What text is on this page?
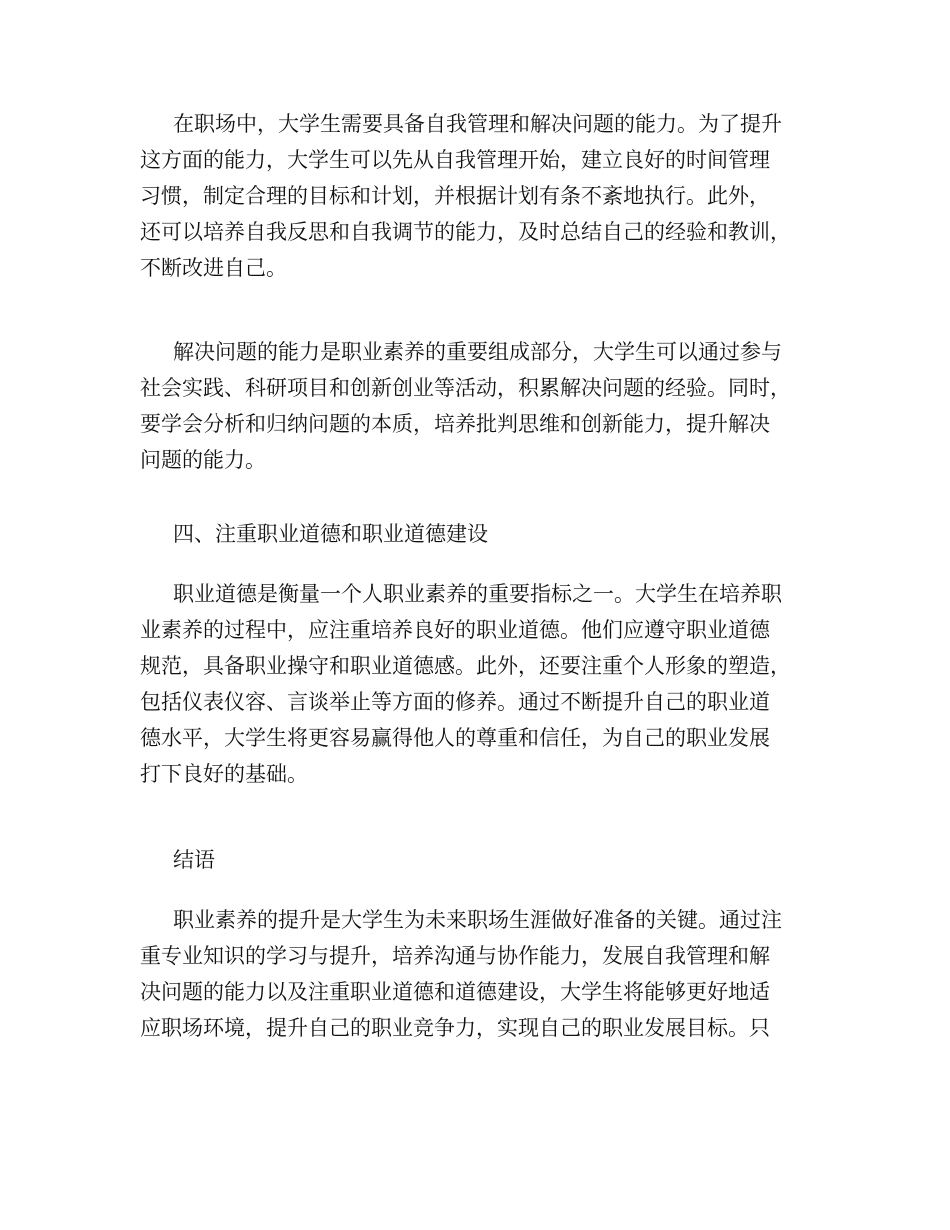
在职场中，大学生需要具备自我管理和解决问题的能力。为了提升
这方面的能力，大学生可以先从自我管理开始，建立良好的时间管理
习惯，制定合理的目标和计划，并根据计划有条不紊地执行。此外，
还可以培养自我反思和自我调节的能力，及时总结自己的经验和教训，
不断改进自己。
解决问题的能力是职业素养的重要组成部分，大学生可以通过参与
社会实践、科研项目和创新创业等活动，积累解决问题的经验。同时，
要学会分析和归纳问题的本质，培养批判思维和创新能力，提升解决
问题的能力。
四、注重职业道德和职业道德建设
职业道德是衡量一个人职业素养的重要指标之一。大学生在培养职
业素养的过程中，应注重培养良好的职业道德。他们应遵守职业道德
规范，具备职业操守和职业道德感。此外，还要注重个人形象的塑造，
包括仪表仪容、言谈举止等方面的修养。通过不断提升自己的职业道
德水平，大学生将更容易赢得他人的尊重和信任，为自己的职业发展
打下良好的基础。
结语
职业素养的提升是大学生为未来职场生涯做好准备的关键。通过注
重专业知识的学习与提升，培养沟通与协作能力，发展自我管理和解
决问题的能力以及注重职业道德和道德建设，大学生将能够更好地适
应职场环境，提升自己的职业竞争力，实现自己的职业发展目标。只
